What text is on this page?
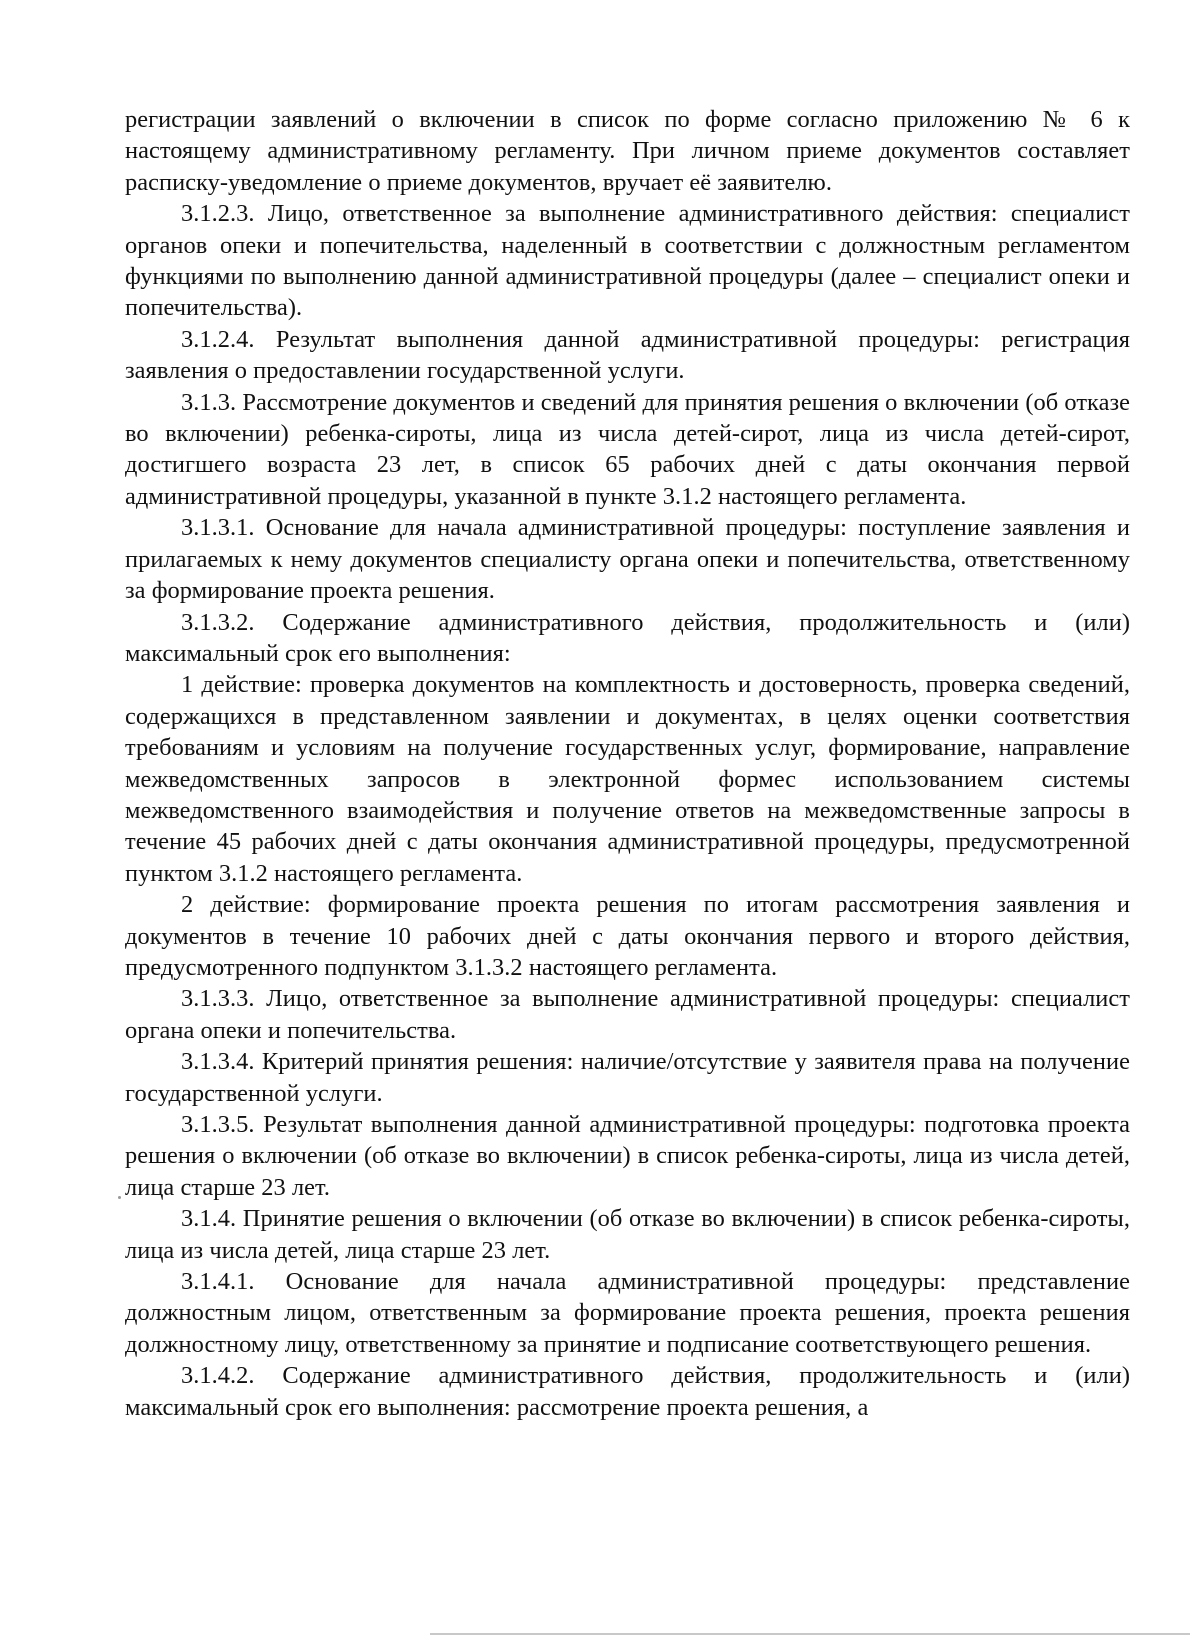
регистрации заявлений о включении в список по форме согласно приложению № 6 к настоящему административному регламенту. При личном приеме документов составляет расписку-уведомление о приеме документов, вручает её заявителю.

3.1.2.3. Лицо, ответственное за выполнение административного действия: специалист органов опеки и попечительства, наделенный в соответствии с должностным регламентом функциями по выполнению данной административной процедуры (далее – специалист опеки и попечительства).

3.1.2.4. Результат выполнения данной административной процедуры: регистрация заявления о предоставлении государственной услуги.

3.1.3. Рассмотрение документов и сведений для принятия решения о включении (об отказе во включении) ребенка-сироты, лица из числа детей-сирот, лица из числа детей-сирот, достигшего возраста 23 лет, в список 65 рабочих дней с даты окончания первой административной процедуры, указанной в пункте 3.1.2 настоящего регламента.

3.1.3.1. Основание для начала административной процедуры: поступление заявления и прилагаемых к нему документов специалисту органа опеки и попечительства, ответственному за формирование проекта решения.

3.1.3.2. Содержание административного действия, продолжительность и (или) максимальный срок его выполнения:

1 действие: проверка документов на комплектность и достоверность, проверка сведений, содержащихся в представленном заявлении и документах, в целях оценки соответствия требованиям и условиям на получение государственных услуг, формирование, направление межведомственных запросов в электронной формес использованием системы межведомственного взаимодействия и получение ответов на межведомственные запросы в течение 45 рабочих дней с даты окончания административной процедуры, предусмотренной пунктом 3.1.2 настоящего регламента.

2 действие: формирование проекта решения по итогам рассмотрения заявления и документов в течение 10 рабочих дней с даты окончания первого и второго действия, предусмотренного подпунктом 3.1.3.2 настоящего регламента.

3.1.3.3. Лицо, ответственное за выполнение административной процедуры: специалист органа опеки и попечительства.

3.1.3.4. Критерий принятия решения: наличие/отсутствие у заявителя права на получение государственной услуги.

3.1.3.5. Результат выполнения данной административной процедуры: подготовка проекта решения о включении (об отказе во включении) в список ребенка-сироты, лица из числа детей, лица старше 23 лет.

3.1.4. Принятие решения о включении (об отказе во включении) в список ребенка-сироты, лица из числа детей, лица старше 23 лет.

3.1.4.1. Основание для начала административной процедуры: представление должностным лицом, ответственным за формирование проекта решения, проекта решения должностному лицу, ответственному за принятие и подписание соответствующего решения.

3.1.4.2. Содержание административного действия, продолжительность и (или) максимальный срок его выполнения: рассмотрение проекта решения, а
